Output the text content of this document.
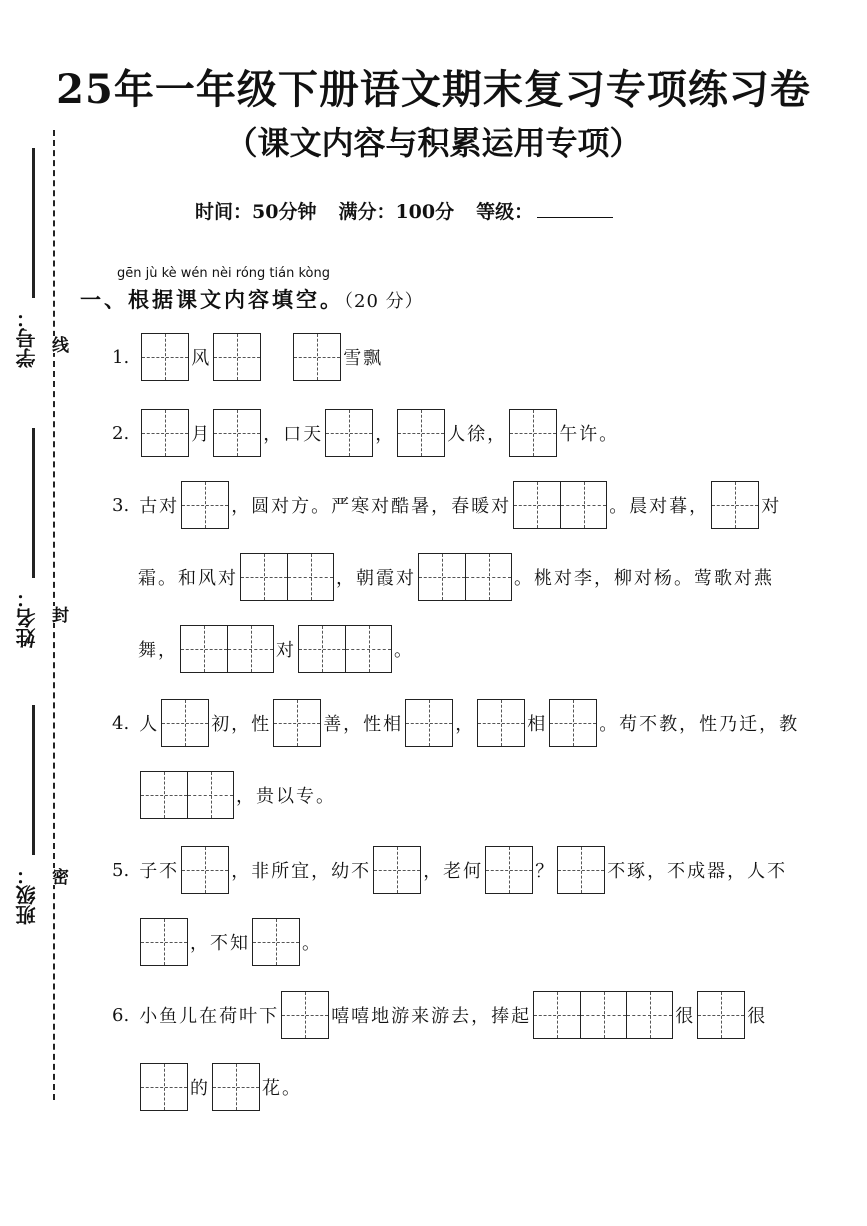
25年一年级下册语文期末复习专项练习卷
（课文内容与积累运用专项）
时间：50分钟 满分：100分 等级：
学号：
姓名：
班级：
线
封
密
gēn jù kè wén nèi róng tián kòng
一、根据课文内容填空。（20 分）
1.	风	雪飘
2.	月	，口天	，	人徐，	午许。
3. 古对	，圆对方。严寒对酷暑，春暖对	。晨对暮，	对
霜。和风对	，朝霞对	。桃对李，柳对杨。莺歌对燕
舞，	对	。
4. 人	初，性	善，性相	，	相	。苟不教，性乃迁，教
，贵以专。
5. 子不	，非所宜，幼不	，老何	？	不琢，不成器，人不
，不知	。
6. 小鱼儿在荷叶下	嘻嘻地游来游去，捧起	很	很
的	花。
